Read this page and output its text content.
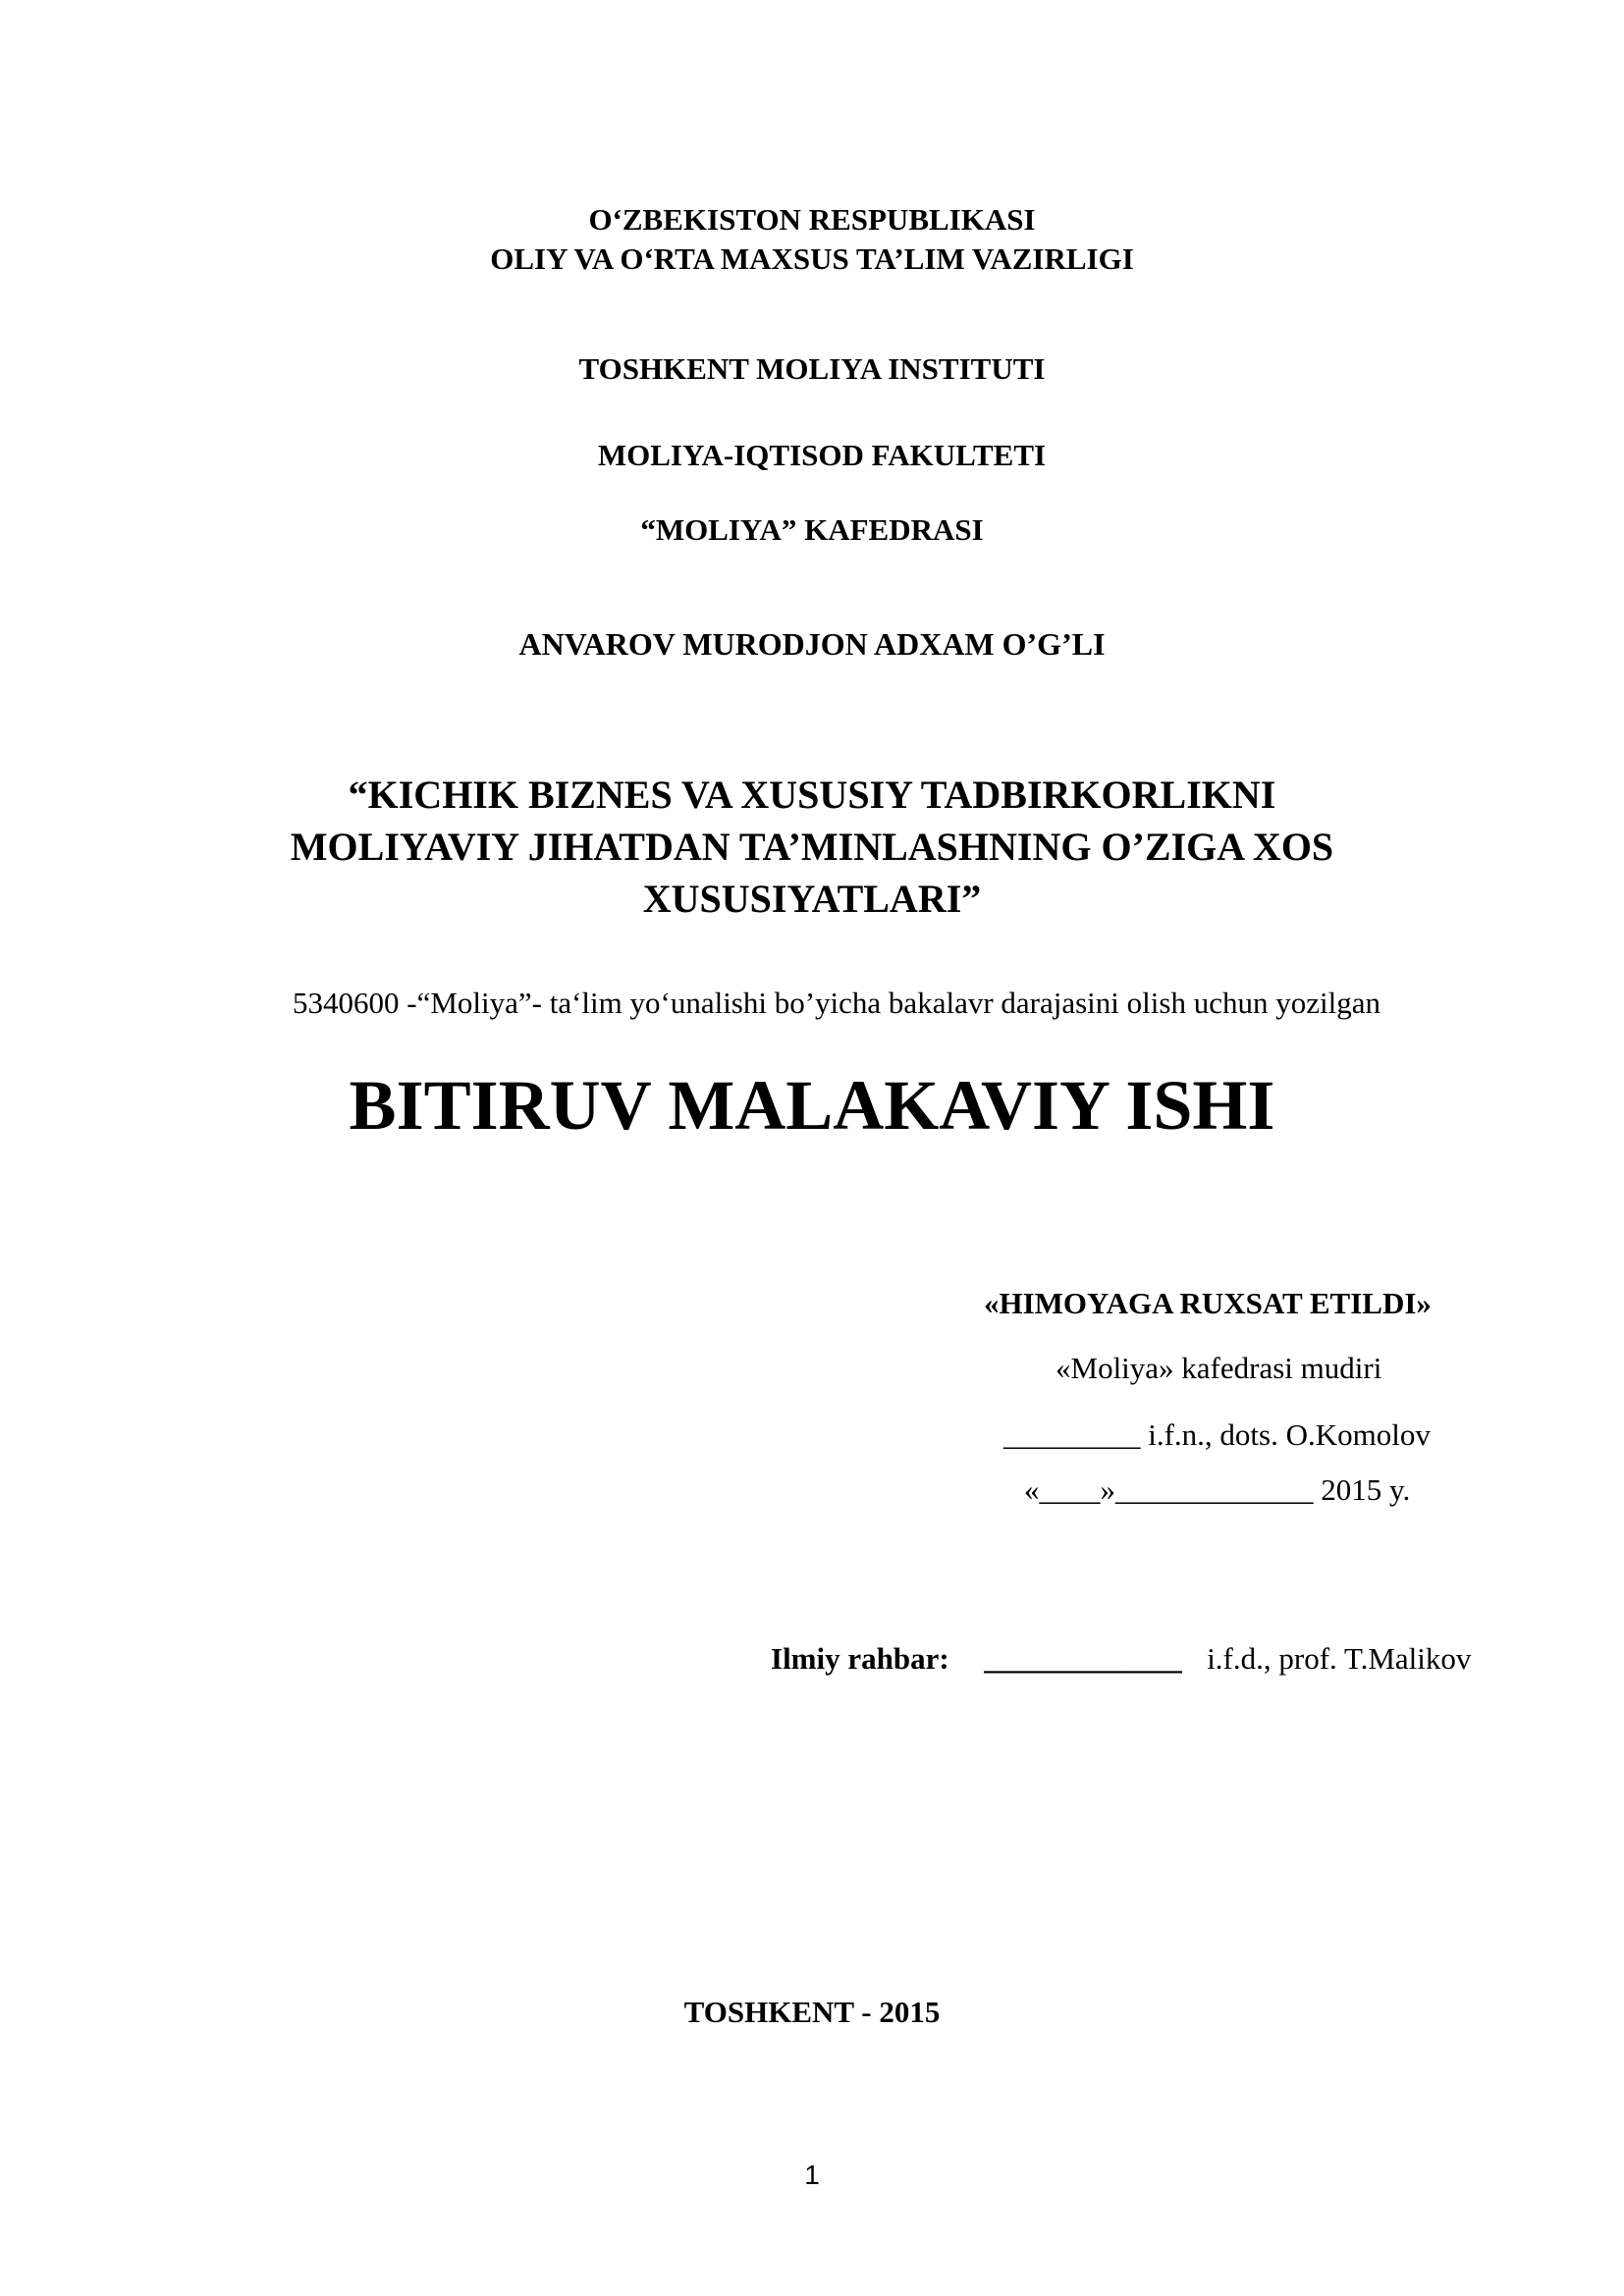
O‘ZBEKISTON RESPUBLIKASI
OLIY VA O‘RTA MAXSUS TA’LIM VAZIRLIGI
TOSHKENT MOLIYA INSTITUTI
MOLIYA-IQTISOD FAKULTETI
“MOLIYA” KAFEDRASI
ANVAROV MURODJON ADXAM O’G’LI
“KICHIK BIZNES VA XUSUSIY TADBIRKORLIKNI
MOLIYAVIY JIHATDAN TA’MINLASHNING O’ZIGA XOS
XUSUSIYATLARI”
5340600 -“Moliya”- ta‘lim yo‘unalishi bo’yicha bakalavr darajasini olish uchun yozilgan
BITIRUV MALAKAVIY ISHI
«HIMOYAGA RUXSAT ETILDI»
«Moliya» kafedrasi mudiri
_________ i.f.n., dots. O.Komolov
«____»_____________ 2015 y.
Ilmiy rahbar: _____________ i.f.d., prof. T.Malikov
TOSHKENT - 2015
1
